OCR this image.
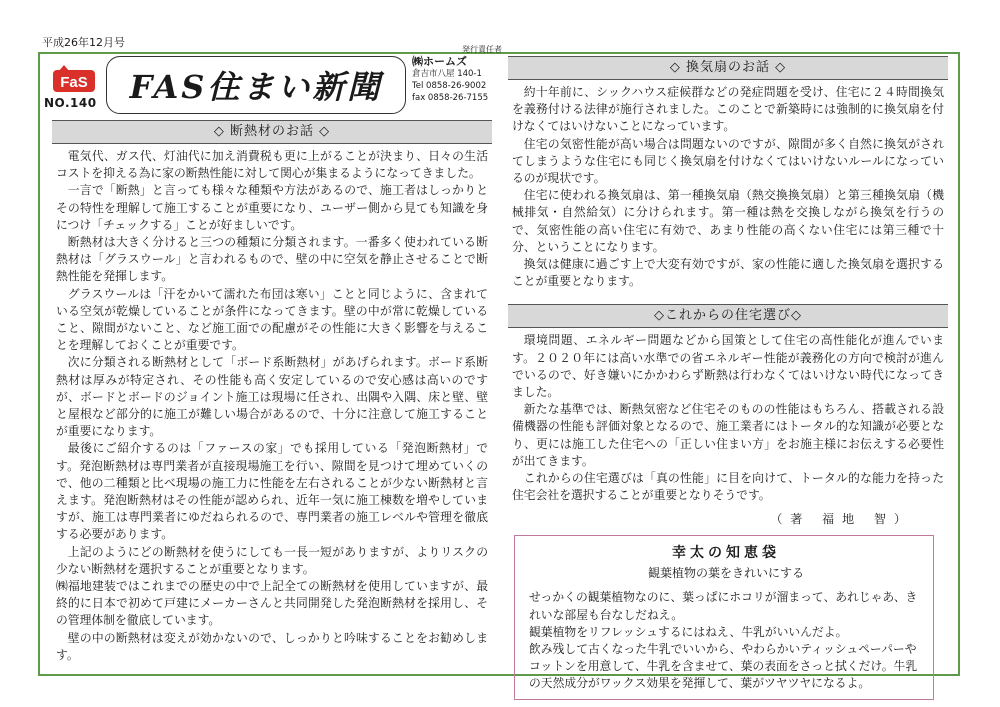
平成26年12月号
FaS
NO.140 FAS住まい新聞
発行責任者
㈱ホームズ
倉吉市八屋 140-1
Tel 0858-26-9002
fax 0858-26-7155
◇ 断熱材のお話 ◇

電気代、ガス代、灯油代に加え消費税も更に上がることが決まり、日々の生活コストを抑える為に家の断熱性能に対して関心が集まるようになってきました。

一言で「断熱」と言っても様々な種類や方法があるので、施工者はしっかりとその特性を理解して施工することが重要になり、ユーザー側から見ても知識を身につけ「チェックする」ことが好ましいです。

断熱材は大きく分けると三つの種類に分類されます。一番多く使われている断熱材は「グラスウール」と言われるもので、壁の中に空気を静止させることで断熱性能を発揮します。

グラスウールは「汗をかいて濡れた布団は寒い」ことと同じように、含まれている空気が乾燥していることが条件になってきます。壁の中が常に乾燥していること、隙間がないこと、など施工面での配慮がその性能に大きく影響を与えることを理解しておくことが重要です。

次に分類される断熱材として「ボード系断熱材」があげられます。ボード系断熱材は厚みが特定され、その性能も高く安定しているので安心感は高いのですが、ボードとボードのジョイント施工は現場に任され、出隅や入隅、床と壁、壁と屋根など部分的に施工が難しい場合があるので、十分に注意して施工することが重要になります。

最後にご紹介するのは「ファースの家」でも採用している「発泡断熱材」です。発泡断熱材は専門業者が直接現場施工を行い、隙間を見つけて埋めていくので、他の二種類と比べ現場の施工力に性能を左右されることが少ない断熱材と言えます。発泡断熱材はその性能が認められ、近年一気に施工棟数を増やしていますが、施工は専門業者にゆだねられるので、専門業者の施工レベルや管理を徹底する必要があります。

上記のようにどの断熱材を使うにしても一長一短がありますが、よりリスクの少ない断熱材を選択することが重要となります。

㈱福地建装ではこれまでの歴史の中で上記全ての断熱材を使用していますが、最終的に日本で初めて戸建にメーカーさんと共同開発した発泡断熱材を採用し、その管理体制を徹底しています。

壁の中の断熱材は変えが効かないので、しっかりと吟味することをお勧めします。

◇ 換気扇のお話 ◇

約十年前に、シックハウス症候群などの発症問題を受け、住宅に２４時間換気を義務付ける法律が施行されました。このことで新築時には強制的に換気扇を付けなくてはいけないことになっています。

住宅の気密性能が高い場合は問題ないのですが、隙間が多く自然に換気がされてしまうような住宅にも同じく換気扇を付けなくてはいけないルールになっているのが現状です。

住宅に使われる換気扇は、第一種換気扇（熱交換換気扇）と第三種換気扇（機械排気・自然給気）に分けられます。第一種は熱を交換しながら換気を行うので、気密性能の高い住宅に有効で、あまり性能の高くない住宅には第三種で十分、ということになります。

換気は健康に過ごす上で大変有効ですが、家の性能に適した換気扇を選択することが重要となります。

◇これからの住宅選び◇

環境問題、エネルギー問題などから国策として住宅の高性能化が進んでいます。２０２０年には高い水準での省エネルギー性能が義務化の方向で検討が進んでいるので、好き嫌いにかかわらず断熱は行わなくてはいけない時代になってきました。

新たな基準では、断熱気密など住宅そのものの性能はもちろん、搭載される設備機器の性能も評価対象となるので、施工業者にはトータル的な知識が必要となり、更には施工した住宅への「正しい住まい方」をお施主様にお伝えする必要性が出てきます。

これからの住宅選びは「真の性能」に目を向けて、トータル的な能力を持った住宅会社を選択することが重要となりそうです。

（著 福地 智）
幸太の知恵袋
観葉植物の葉をきれいにする

せっかくの観葉植物なのに、葉っぱにホコリが溜まって、あれじゃあ、きれいな部屋も台なしだねえ。

観葉植物をリフレッシュするにはねえ、牛乳がいいんだよ。

飲み残して古くなった牛乳でいいから、やわらかいティッシュペーパーやコットンを用意して、牛乳を含ませて、葉の表面をさっと拭くだけ。牛乳の天然成分がワックス効果を発揮して、葉がツヤツヤになるよ。
